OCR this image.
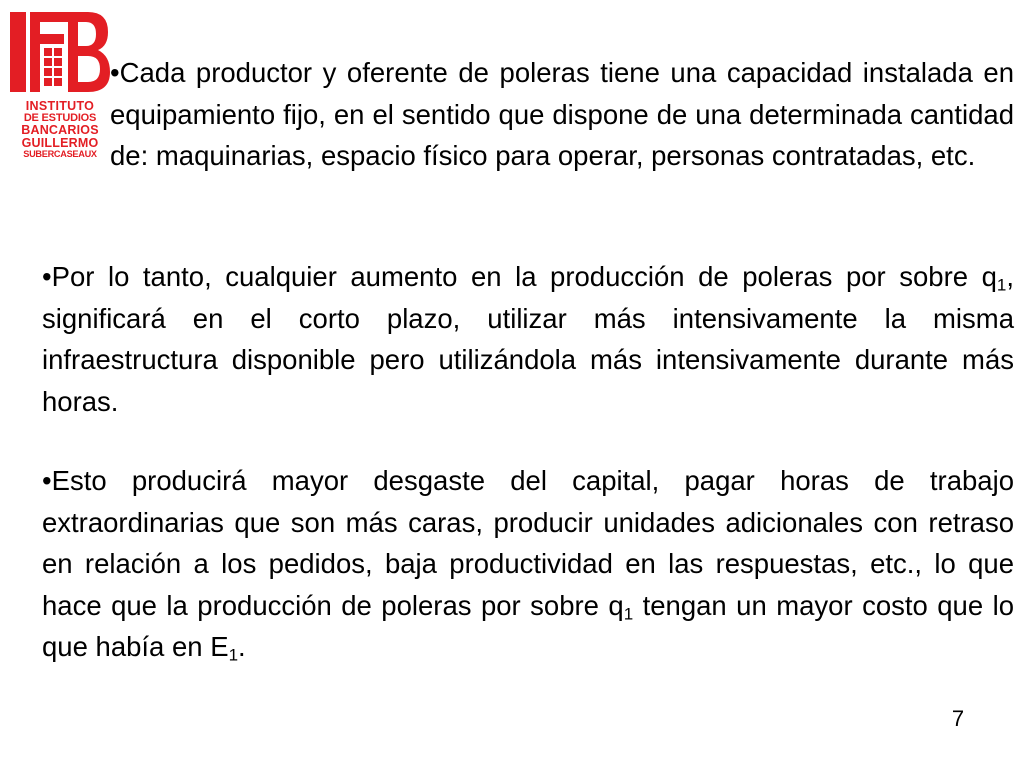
INSTITUTO
DE ESTUDIOS
BANCARIOS
GUILLERMO
SUBERCASEAUX
•Cada productor y oferente de poleras tiene una capacidad instalada en equipamiento fijo, en el sentido que dispone de una determinada cantidad de: maquinarias, espacio físico para operar, personas contratadas, etc.
•Por lo tanto, cualquier aumento en la producción de poleras por sobre $q_1$, significará en el corto plazo, utilizar más intensivamente la misma infraestructura disponible pero utilizándola más intensivamente durante más horas.
•Esto producirá mayor desgaste del capital, pagar horas de trabajo extraordinarias que son más caras, producir unidades adicionales con retraso en relación a los pedidos, baja productividad en las respuestas, etc., lo que hace que la producción de poleras por sobre $q_1$ tengan un mayor costo que lo que había en $E_1$.
7
